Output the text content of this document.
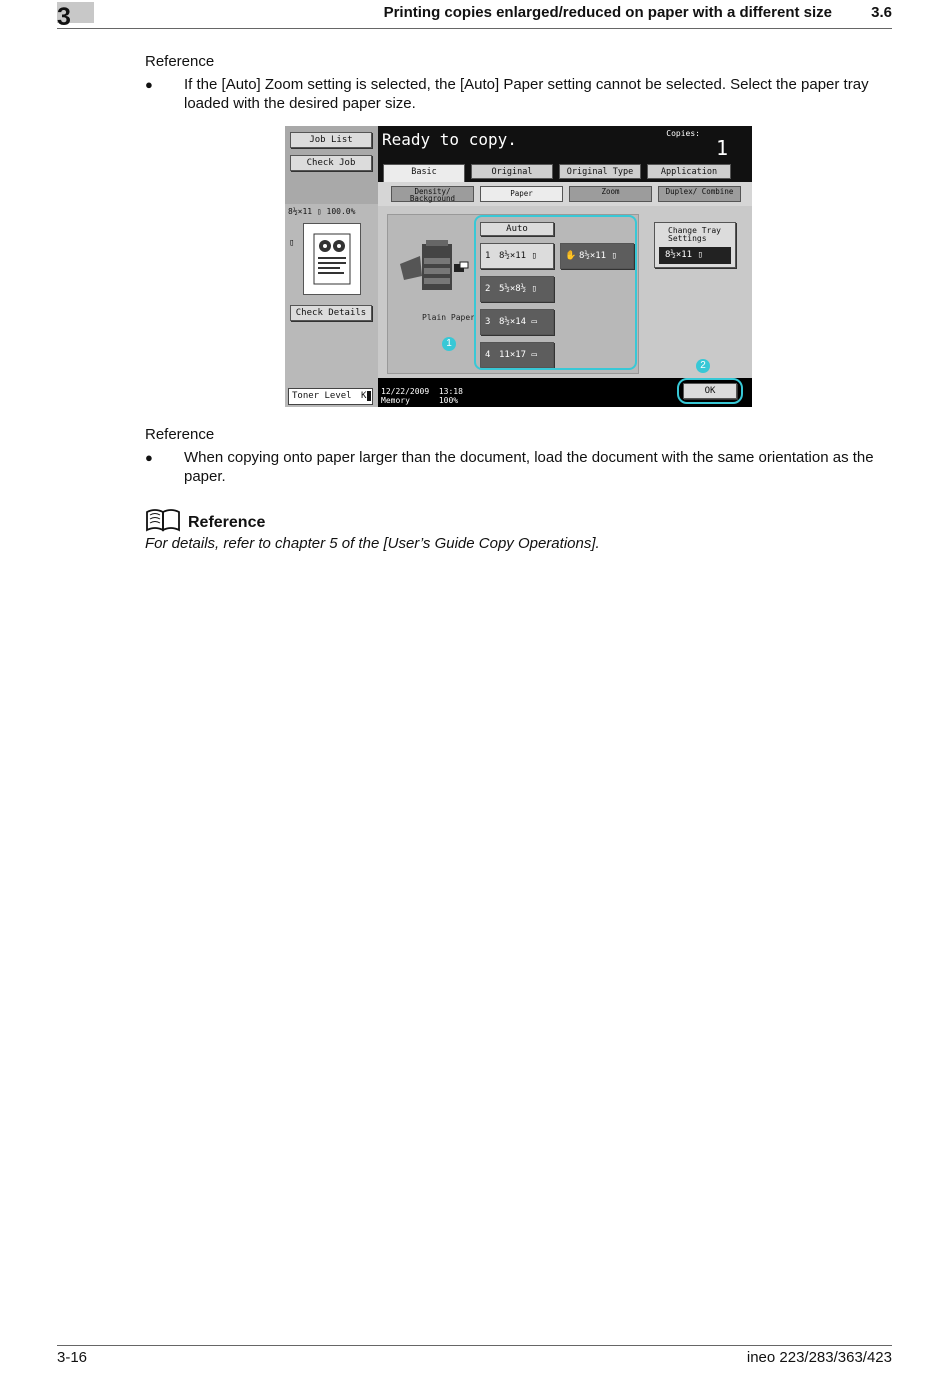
3	Printing copies enlarged/reduced on paper with a different size	3.6
Reference
● If the [Auto] Zoom setting is selected, the [Auto] Paper setting cannot be selected. Select the paper tray loaded with the desired paper size.
Job List
Check Job
8½×11 ▯ 100.0%
▯
Check Details
Toner Level K
Ready to copy.	Copies:
1
Basic	Original	Original Type	Application
Density/ Background
Paper	Zoom	Duplex/ Combine
Plain Paper
Auto
1 8½×11 ▯
2 5½×8½ ▯
3 8½×14 ▭
4 11×17 ▭
✋ 8½×11 ▯
1
Change Tray Settings
8½×11 ▯
2
12/22/2009 13:18
Memory	100%
OK
Reference
● When copying onto paper larger than the document, load the document with the same orientation as the paper.
Reference
For details, refer to chapter 5 of the [User’s Guide Copy Operations].
3-16	ineo 223/283/363/423
